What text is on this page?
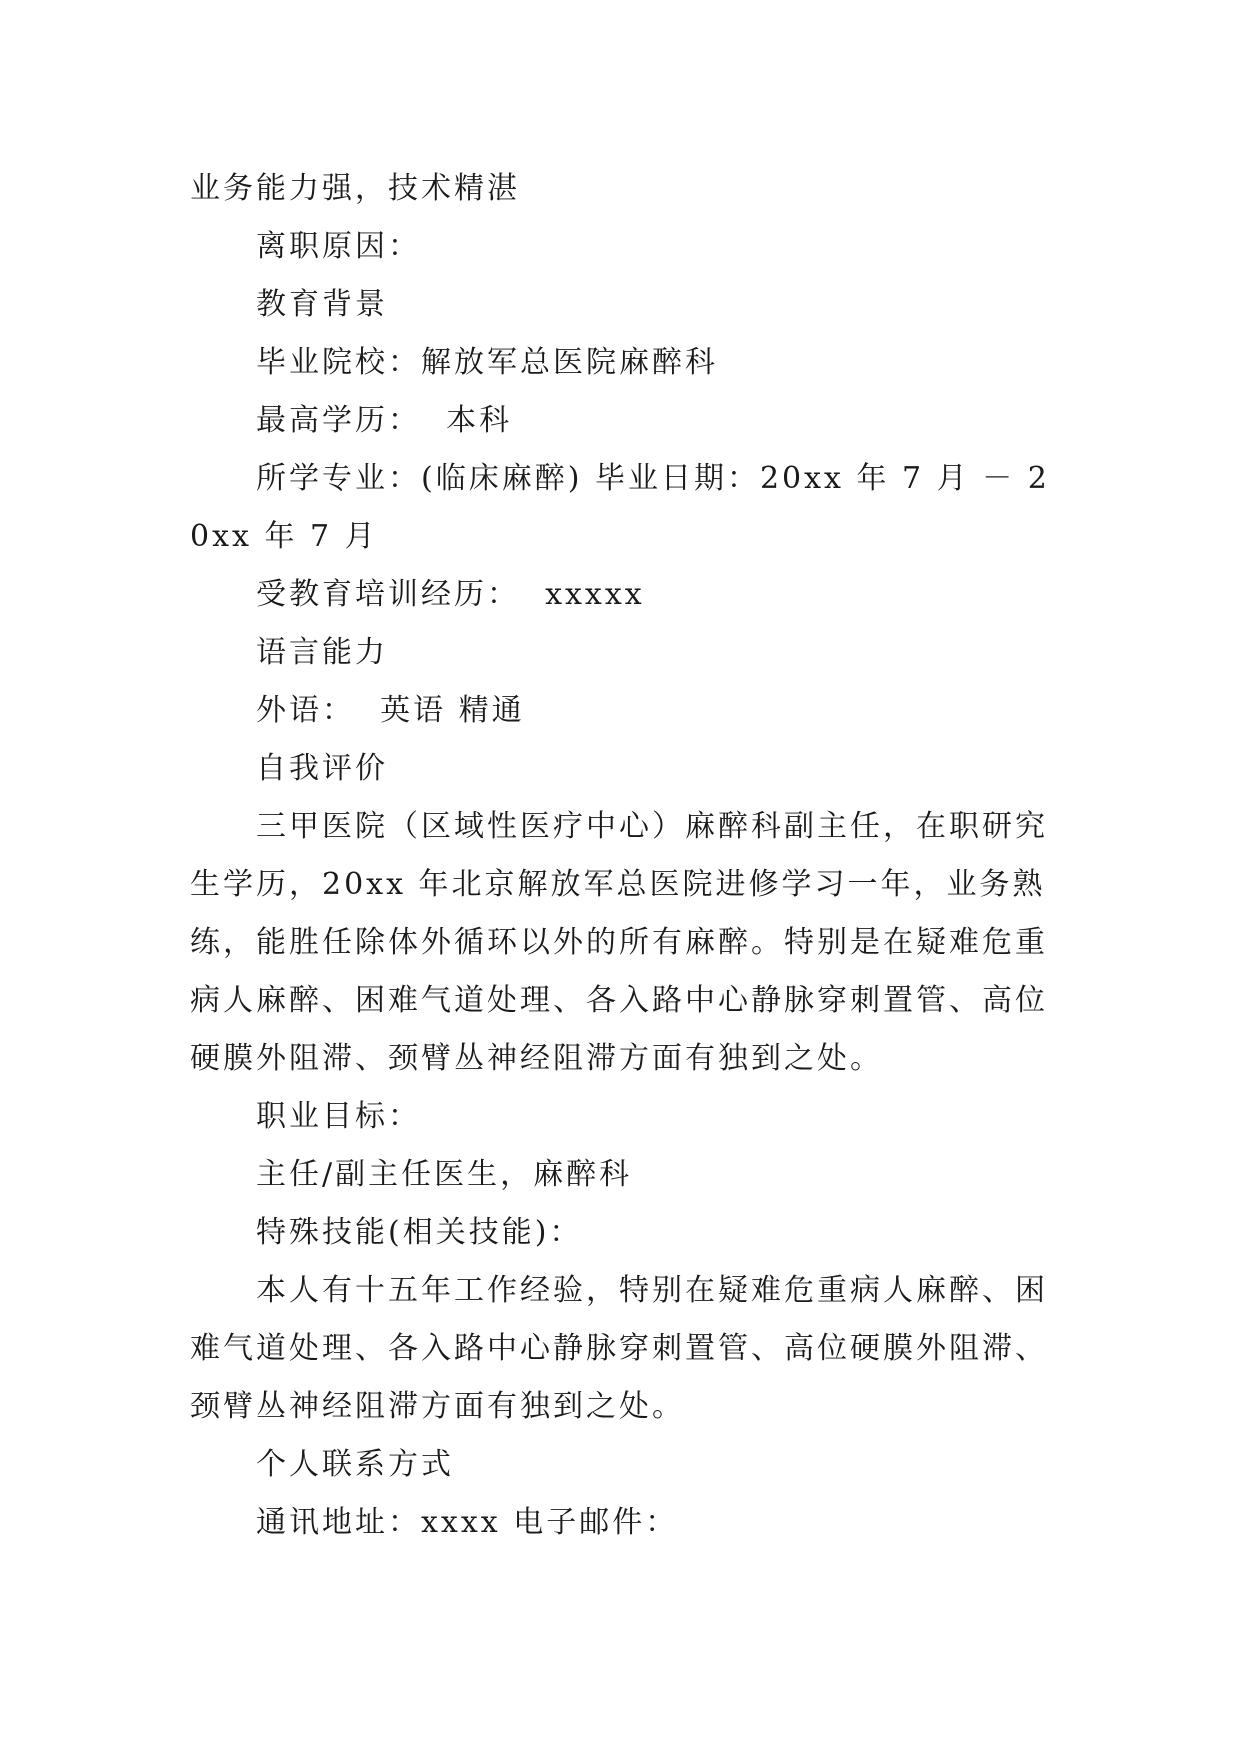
业务能力强，技术精湛

离职原因：

教育背景

毕业院校：解放军总医院麻醉科

最高学历：  本科

所学专业：(临床麻醉) 毕业日期：20xx 年 7 月 － 20xx 年 7 月

受教育培训经历：  xxxxx

语言能力

外语：  英语 精通

自我评价

三甲医院（区域性医疗中心）麻醉科副主任，在职研究生学历，20xx 年北京解放军总医院进修学习一年，业务熟练，能胜任除体外循环以外的所有麻醉。特别是在疑难危重病人麻醉、困难气道处理、各入路中心静脉穿刺置管、高位硬膜外阻滞、颈臂丛神经阻滞方面有独到之处。

职业目标：

主任/副主任医生，麻醉科

特殊技能(相关技能)：

本人有十五年工作经验，特别在疑难危重病人麻醉、困难气道处理、各入路中心静脉穿刺置管、高位硬膜外阻滞、颈臂丛神经阻滞方面有独到之处。

个人联系方式

通讯地址：xxxx 电子邮件：
